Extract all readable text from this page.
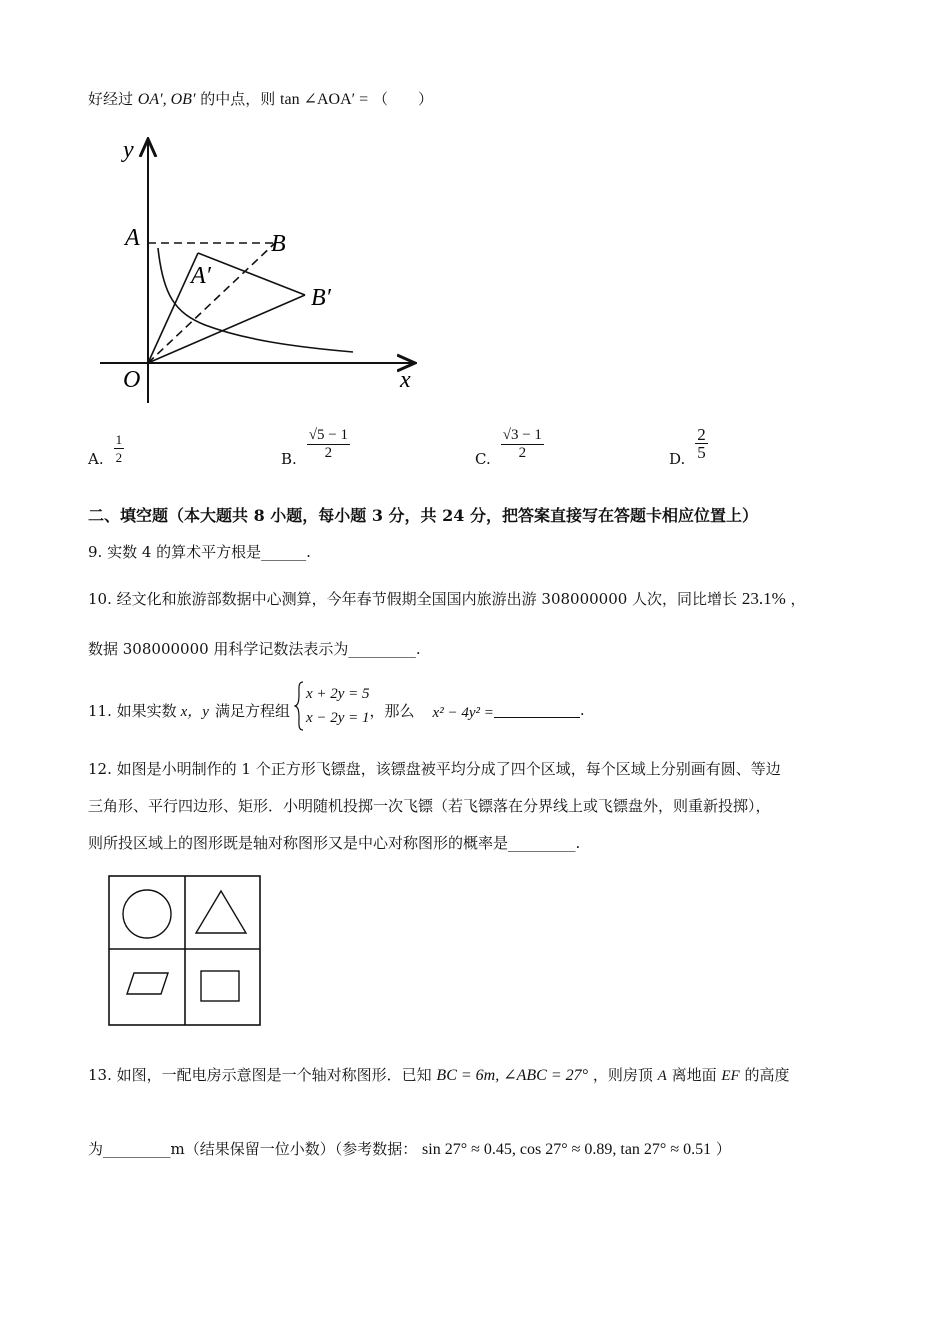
好经过 OA′, OB′ 的中点，则 tan ∠AOA′ = （　　）
y
x
O
A	B
A′
B′
A. $\frac{1}{2}$	B. $\frac{√5 - 1}{2}$	C. $\frac{√3 - 1}{2}$	D. $\frac{2}{5}$
二、填空题（本大题共 8 小题，每小题 3 分，共 24 分，把答案直接写在答题卡相应位置上）
9. 实数 4 的算术平方根是______.
10. 经文化和旅游部数据中心测算，今年春节假期全国国内旅游出游 308000000 人次，同比增长 23.1% ，
数据 308000000 用科学记数法表示为_________.
11. 如果实数 x，y 满足方程组
x + 2y = 5
x − 2y = 1 ，那么 x² − 4y² =	.
12. 如图是小明制作的 1 个正方形飞镖盘，该镖盘被平均分成了四个区域，每个区域上分别画有圆、等边
三角形、平行四边形、矩形．小明随机投掷一次飞镖（若飞镖落在分界线上或飞镖盘外，则重新投掷），
则所投区域上的图形既是轴对称图形又是中心对称图形的概率是_________.
13. 如图，一配电房示意图是一个轴对称图形．已知 BC = 6m, ∠ABC = 27° ，则房顶 A 离地面 EF 的高度
为_________m（结果保留一位小数）（参考数据： sin 27° ≈ 0.45, cos 27° ≈ 0.89, tan 27° ≈ 0.51 ）
